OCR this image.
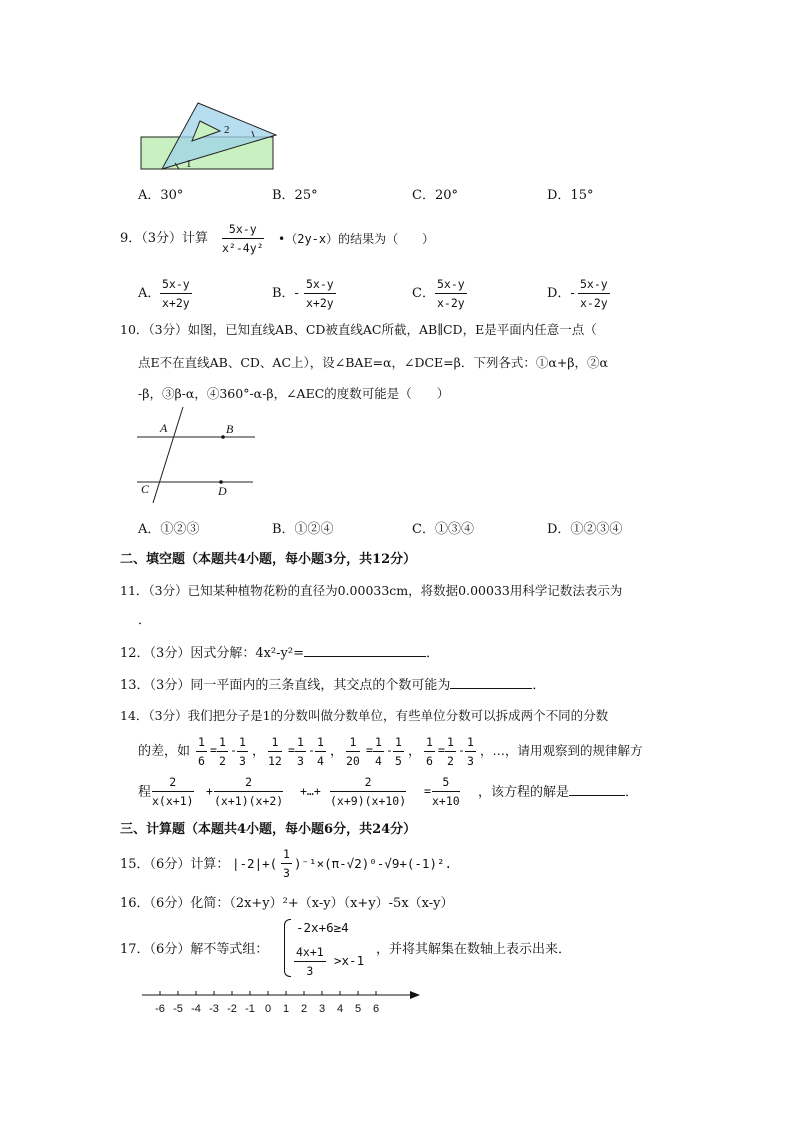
2
1
A．30°	B．25°	C．20°	D．15°
9．（3分）计算 $\frac{5x-y}{\text{x²-4y²}}$ •（2y-x）的结果为（　　）
A． $\frac{5x-y}{x+2y}$	B．- $\frac{5x-y}{x+2y}$	C． $\frac{5x-y}{x-2y}$	D．- $\frac{5x-y}{x-2y}$
10．（3分）如图，已知直线AB、CD被直线AC所截，AB∥CD，E是平面内任意一点（
点E不在直线AB、CD、AC上），设∠BAE=α，∠DCE=β．下列各式：①α+β，②α
-β，③β-α，④360°-α-β，∠AEC的度数可能是（　　）
A	B
C	D
A．①②③	B．①②④	C．①③④	D．①②③④
二、填空题（本题共4小题，每小题3分，共12分）
11．（3分）已知某种植物花粉的直径为0.00033cm，将数据0.00033用科学记数法表示为
．
12．（3分）因式分解：4x²-y²=	．
13．（3分）同一平面内的三条直线，其交点的个数可能为	．
14．（3分）我们把分子是1的分数叫做分数单位，有些单位分数可以拆成两个不同的分数
的差，如 $\frac{1}{6} = \frac{1}{2} - \frac{1}{3}$ ， $\frac{1}{12} = \frac{1}{3} - \frac{1}{4}$ ， $\frac{1}{20} = \frac{1}{4} - \frac{1}{5}$ ， $\frac{1}{6} = \frac{1}{2} - \frac{1}{3}$ ，…，请用观察到的规律解方
程 $\frac{2}{x(x+1)} + \frac{2}{(x+1)(x+2)}$ +…+ $\frac{2}{(x+9)(x+10)} = \frac{5}{x+10}$ ，该方程的解是	．
三、计算题（本题共4小题，每小题6分，共24分）
15．（6分）计算： $|-2|+( \frac{1}{3} )^{-1}\times(\pi-√2)^0-√9+(-1)^2$.
16．（6分）化简：（2x+y）²+（x-y）（x+y）-5x（x-y）
17．（6分）解不等式组：
-2x+6≥4
$\frac{4x+1}{3} >x-1$
，并将其解集在数轴上表示出来．
-6 -5 -4 -3 -2 -1 0 1 2 3 4 5 6
